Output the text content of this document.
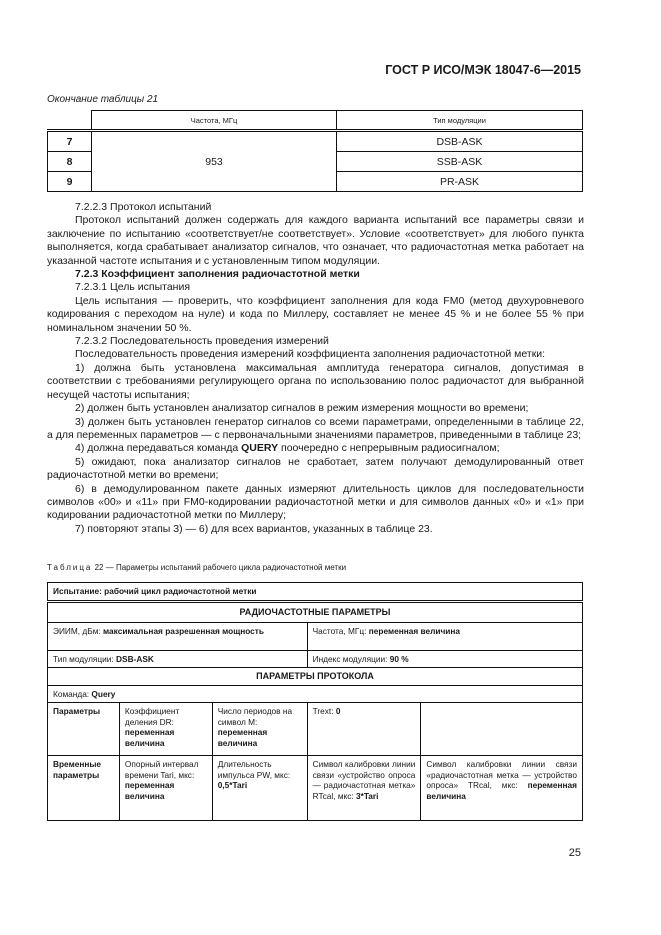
ГОСТ Р ИСО/МЭК 18047-6—2015
Окончание таблицы 21
	Частота, МГц	Тип модуляции
7	953	DSB-ASK
8		SSB-ASK
9		PR-ASK

7.2.2.3 Протокол испытаний

Протокол испытаний должен содержать для каждого варианта испытаний все параметры связи и заключение по испытанию «соответствует/не соответствует». Условие «соответствует» для любого пункта выполняется, когда срабатывает анализатор сигналов, что означает, что радиочастотная метка работает на указанной частоте испытания и с установленным типом модуляции.

7.2.3 Коэффициент заполнения радиочастотной метки

7.2.3.1 Цель испытания

Цель испытания — проверить, что коэффициент заполнения для кода FM0 (метод двухуровневого кодирования с переходом на нуле) и кода по Миллеру, составляет не менее 45 % и не более 55 % при номинальном значении 50 %.

7.2.3.2 Последовательность проведения измерений

Последовательность проведения измерений коэффициента заполнения радиочастотной метки:

1) должна быть установлена максимальная амплитуда генератора сигналов, допустимая в соответствии с требованиями регулирующего органа по использованию полос радиочастот для выбранной несущей частоты испытания;

2) должен быть установлен анализатор сигналов в режим измерения мощности во времени;

3) должен быть установлен генератор сигналов со всеми параметрами, определенными в таблице 22, а для переменных параметров — с первоначальными значениями параметров, приведенными в таблице 23;

4) должна передаваться команда QUERY поочередно с непрерывным радиосигналом;

5) ожидают, пока анализатор сигналов не сработает, затем получают демодулированный ответ радиочастотной метки во времени;

6) в демодулированном пакете данных измеряют длительность циклов для последовательности символов «00» и «11» при FM0-кодировании радиочастотной метки и для символов данных «0» и «1» при кодировании радиочастотной метки по Миллеру;

7) повторяют этапы 3) — 6) для всех вариантов, указанных в таблице 23.

Таблица 22 — Параметры испытаний рабочего цикла радиочастотной метки
Испытание: рабочий цикл радиочастотной метки				
РАДИОЧАСТОТНЫЕ ПАРАМЕТРЫ				
ЭИИМ, дБм: максимальная разрешенная мощность			Частота, МГц: переменная величина	
Тип модуляции: DSB-ASK			Индекс модуляции: 90 %	
ПАРАМЕТРЫ ПРОТОКОЛА				
Команда: Query				
Параметры	Коэффициент деления DR: переменная величина	Число периодов на символ M: переменная величина	Trext: 0	
Временные параметры	Опорный интервал времени Tari, мкс: переменная величина	Длительность импульса PW, мкс: 0,5*Tari	Символ калибровки линии связи «устройство опроса — радиочастотная метка» RTcal, мкс: 3*Tari	Символ калибровки линии связи «радиочастотная метка — устройство опроса» TRcal, мкс: переменная величина
25
